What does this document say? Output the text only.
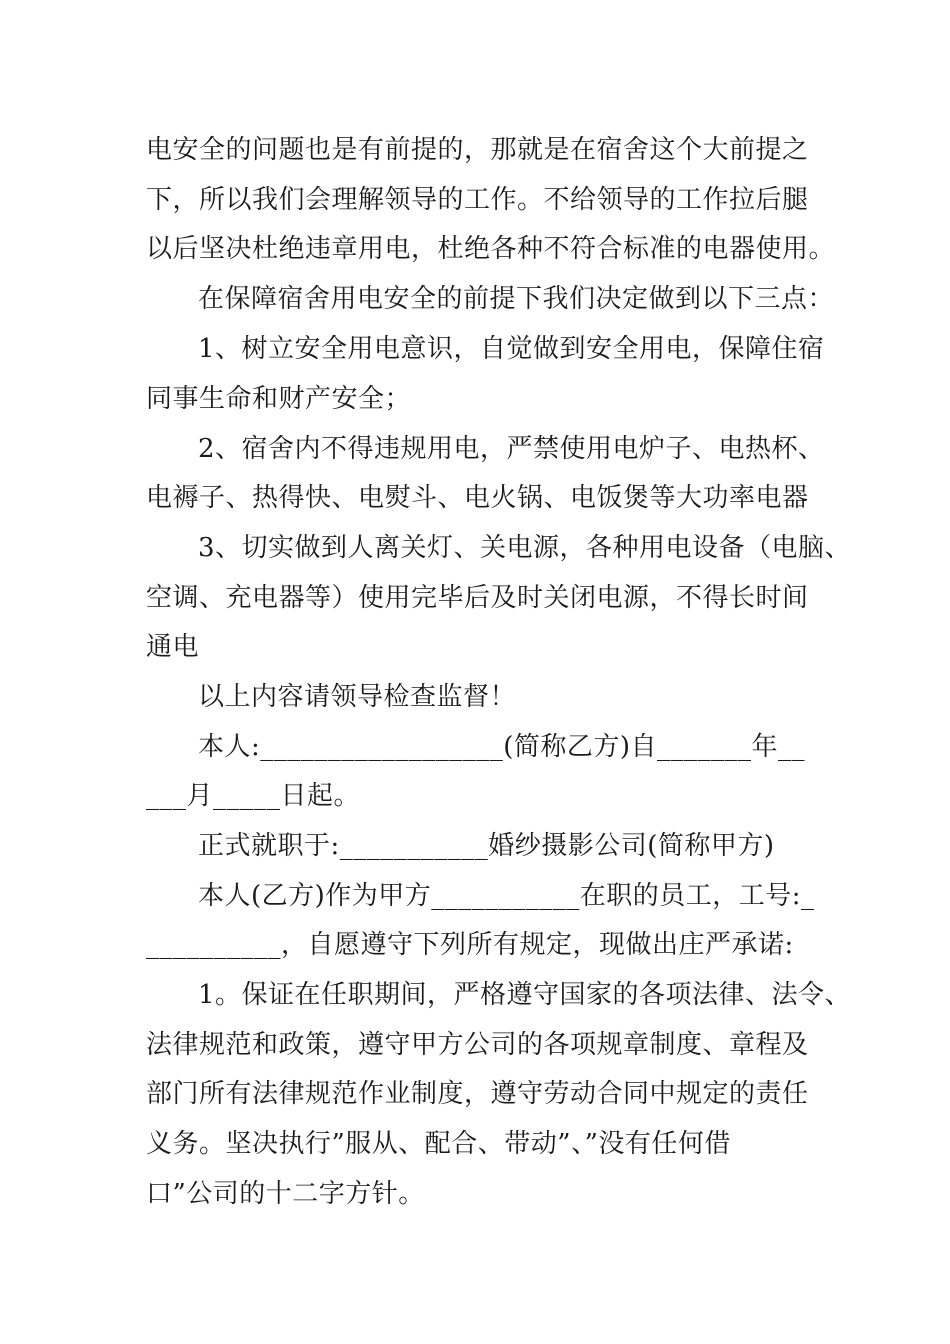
电安全的问题也是有前提的，那就是在宿舍这个大前提之
下，所以我们会理解领导的工作。不给领导的工作拉后腿
以后坚决杜绝违章用电，杜绝各种不符合标准的电器使用。
在保障宿舍用电安全的前提下我们决定做到以下三点：
1、树立安全用电意识，自觉做到安全用电，保障住宿
同事生命和财产安全；
2、宿舍内不得违规用电，严禁使用电炉子、电热杯、
电褥子、热得快、电熨斗、电火锅、电饭煲等大功率电器
3、切实做到人离关灯、关电源，各种用电设备（电脑、
空调、充电器等）使用完毕后及时关闭电源，不得长时间
通电
以上内容请领导检查监督！
本人:__________________(简称乙方)自_______年__
___月_____日起。
正式就职于:___________婚纱摄影公司(简称甲方)
本人(乙方)作为甲方___________在职的员工，工号:_
__________，自愿遵守下列所有规定，现做出庄严承诺:
1。保证在任职期间，严格遵守国家的各项法律、法令、
法律规范和政策，遵守甲方公司的各项规章制度、章程及
部门所有法律规范作业制度，遵守劳动合同中规定的责任
义务。坚决执行”服从、配合、带动”、”没有任何借
口”公司的十二字方针。
